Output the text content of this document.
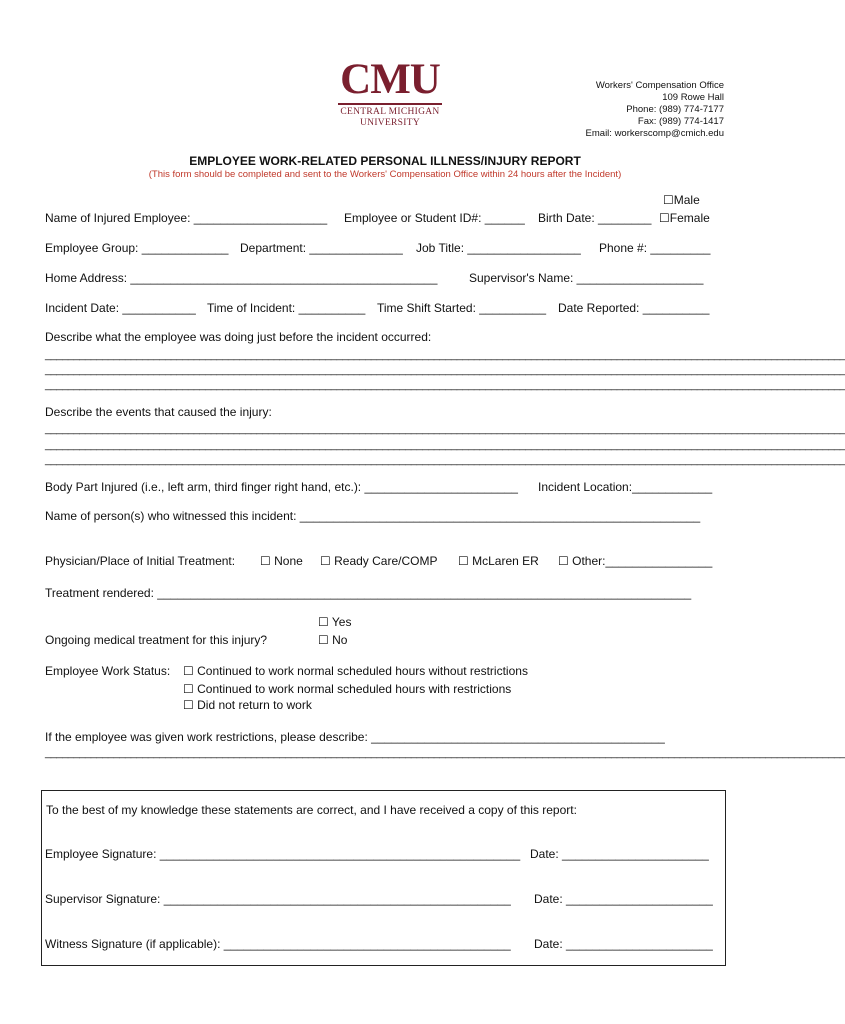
CMU
CENTRAL MICHIGAN
UNIVERSITY
Workers' Compensation Office
109 Rowe Hall
Phone: (989) 774-7177
Fax: (989) 774-1417
Email: workerscomp@cmich.edu
EMPLOYEE WORK-RELATED PERSONAL ILLNESS/INJURY REPORT
(This form should be completed and sent to the Workers' Compensation Office within 24 hours after the Incident)
☐Male
Name of Injured Employee: ____________________ Employee or Student ID#: ______ Birth Date: ________ ☐Female
Employee Group: _____________ Department: ______________ Job Title: _________________ Phone #: _________
Home Address: ______________________________________________	Supervisor's Name: ___________________
Incident Date: ___________ Time of Incident: __________ Time Shift Started: __________ Date Reported: __________
Describe what the employee was doing just before the incident occurred:
____________________________________________________________________________________________________________________________________________
____________________________________________________________________________________________________________________________________________
____________________________________________________________________________________________________________________________________________
Describe the events that caused the injury:
____________________________________________________________________________________________________________________________________________
____________________________________________________________________________________________________________________________________________
____________________________________________________________________________________________________________________________________________
Body Part Injured (i.e., left arm, third finger right hand, etc.): _______________________ Incident Location:____________
Name of person(s) who witnessed this incident: ____________________________________________________________
Physician/Place of Initial Treatment: ☐ None ☐ Ready Care/COMP ☐ McLaren ER ☐ Other:________________
Treatment rendered: ________________________________________________________________________________
☐ Yes
Ongoing medical treatment for this injury?	☐ No
Employee Work Status: ☐ Continued to work normal scheduled hours without restrictions
☐ Continued to work normal scheduled hours with restrictions
☐ Did not return to work
If the employee was given work restrictions, please describe: ____________________________________________
____________________________________________________________________________________________________________________________________________
To the best of my knowledge these statements are correct, and I have received a copy of this report:
Employee Signature: ______________________________________________________ Date: ______________________
Supervisor Signature: ____________________________________________________ Date: ______________________
Witness Signature (if applicable): ___________________________________________ Date: ______________________
